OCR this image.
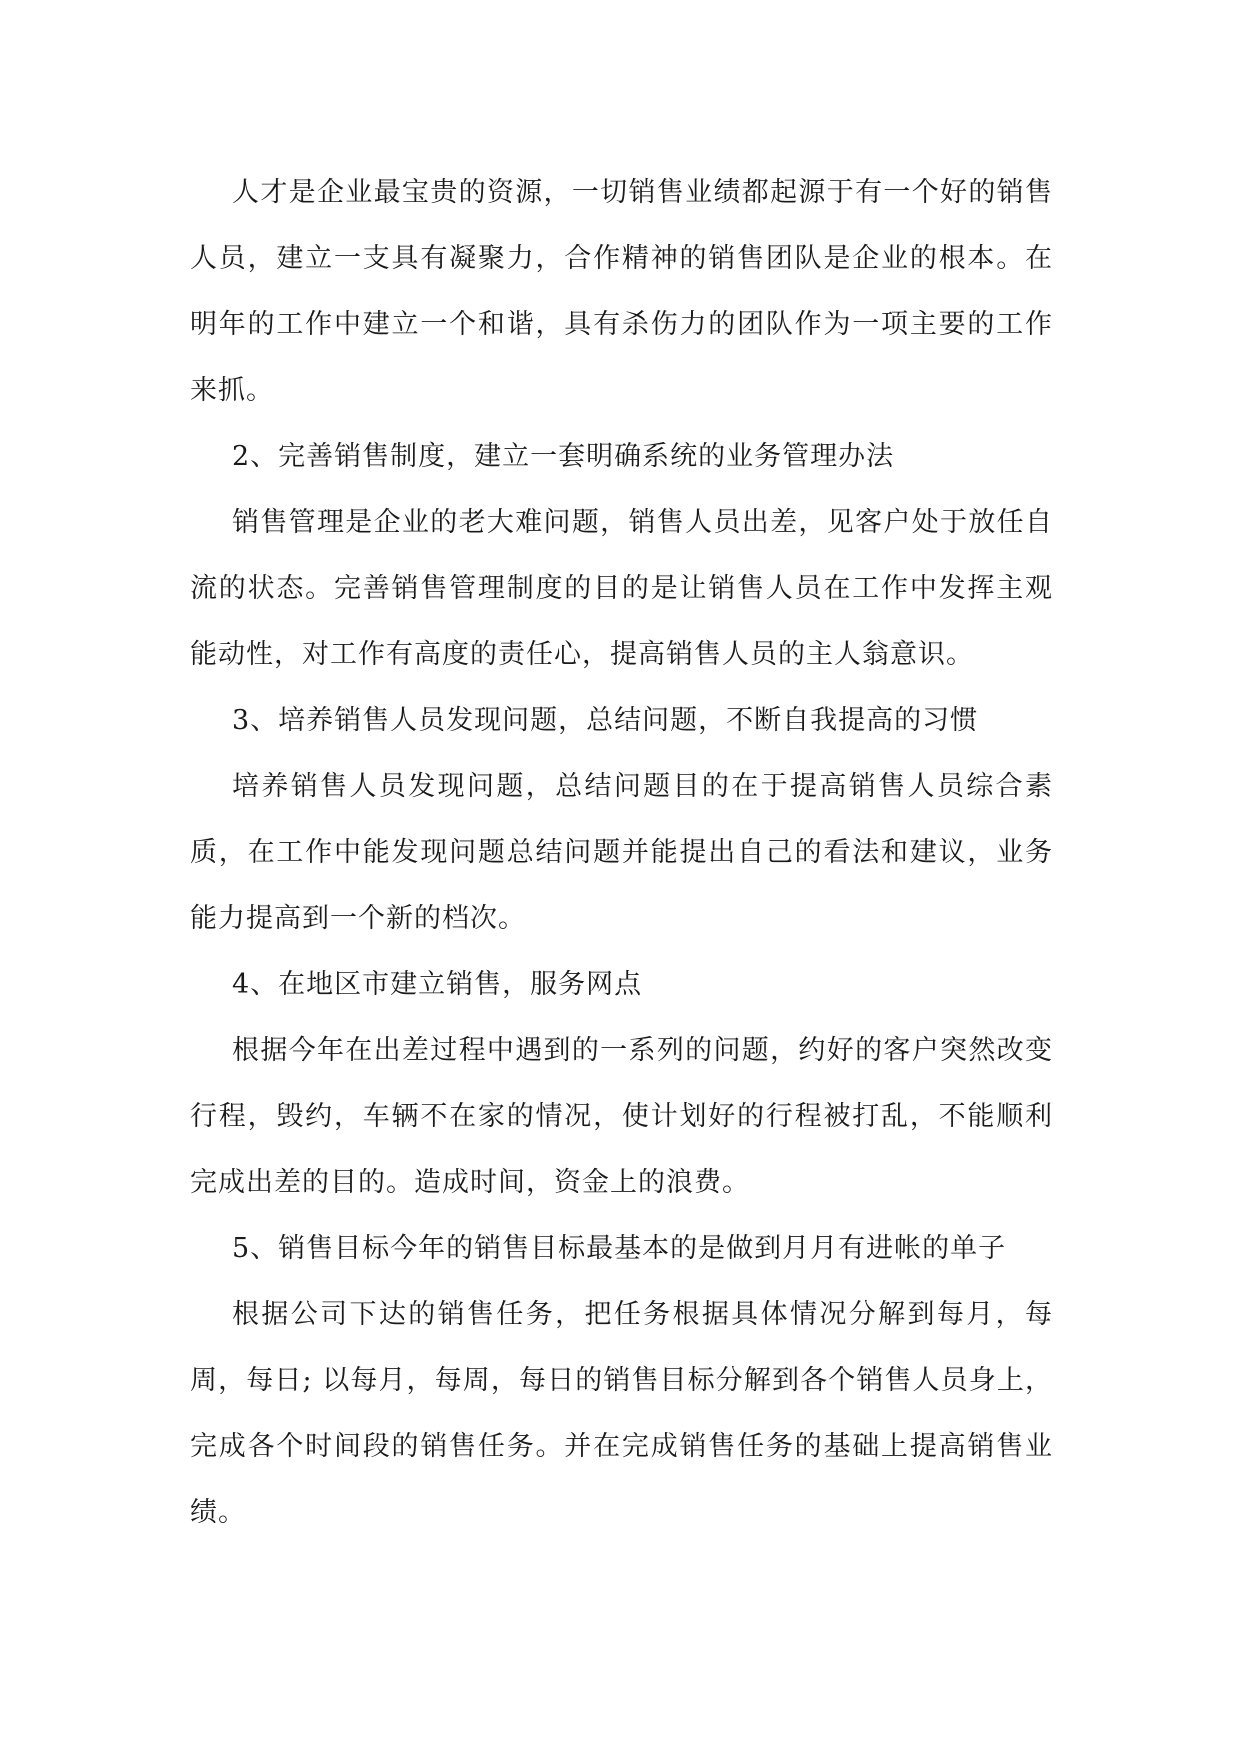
人才是企业最宝贵的资源，一切销售业绩都起源于有一个好的销售人员，建立一支具有凝聚力，合作精神的销售团队是企业的根本。在明年的工作中建立一个和谐，具有杀伤力的团队作为一项主要的工作来抓。

2、完善销售制度，建立一套明确系统的业务管理办法

销售管理是企业的老大难问题，销售人员出差，见客户处于放任自流的状态。完善销售管理制度的目的是让销售人员在工作中发挥主观能动性，对工作有高度的责任心，提高销售人员的主人翁意识。

3、培养销售人员发现问题，总结问题，不断自我提高的习惯

培养销售人员发现问题，总结问题目的在于提高销售人员综合素质，在工作中能发现问题总结问题并能提出自己的看法和建议，业务能力提高到一个新的档次。

4、在地区市建立销售，服务网点

根据今年在出差过程中遇到的一系列的问题，约好的客户突然改变行程，毁约，车辆不在家的情况，使计划好的行程被打乱，不能顺利完成出差的目的。造成时间，资金上的浪费。

5、销售目标今年的销售目标最基本的是做到月月有进帐的单子

根据公司下达的销售任务，把任务根据具体情况分解到每月，每周，每日; 以每月，每周，每日的销售目标分解到各个销售人员身上，完成各个时间段的销售任务。并在完成销售任务的基础上提高销售业绩。
